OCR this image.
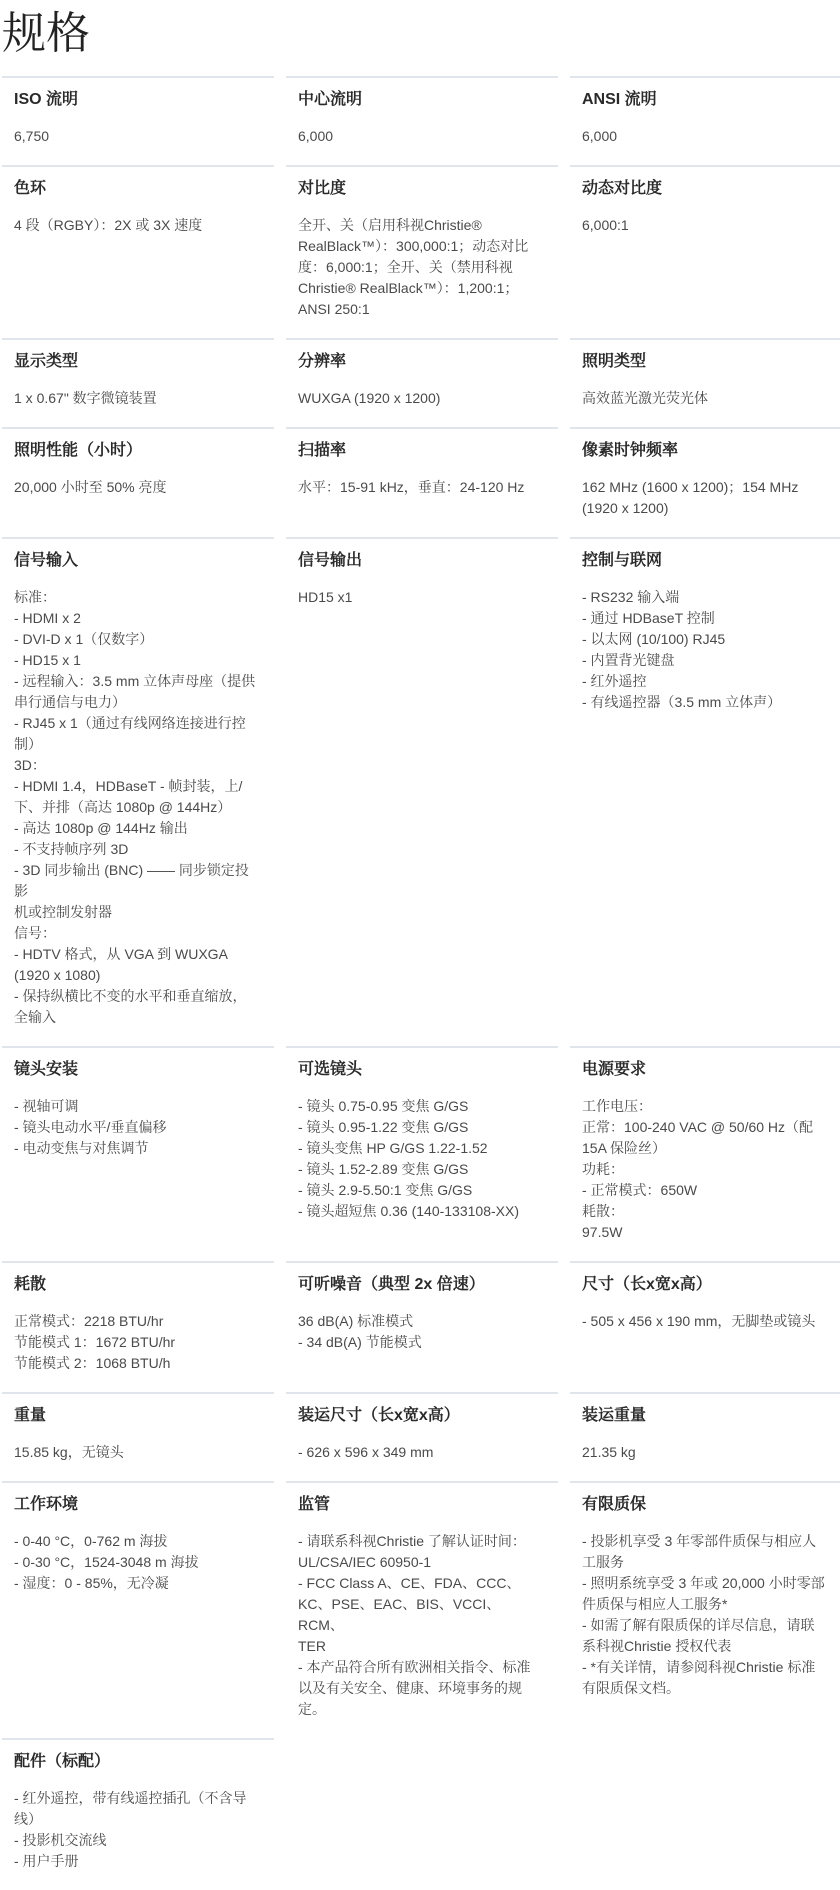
规格
ISO 流明
6,750
中心流明
6,000
ANSI 流明
6,000
色环
4 段（RGBY）：2X 或 3X 速度
对比度
全开、关（启用科视Christie®
RealBlack™）：300,000:1；动态对比
度：6,000:1；全开、关（禁用科视
Christie® RealBlack™）：1,200:1；
ANSI 250:1
动态对比度
6,000:1
显示类型
1 x 0.67" 数字微镜装置
分辨率
WUXGA (1920 x 1200)
照明类型
高效蓝光激光荧光体
照明性能（小时）
20,000 小时至 50% 亮度
扫描率
水平：15-91 kHz，垂直：24-120 Hz
像素时钟频率
162 MHz (1600 x 1200)；154 MHz
(1920 x 1200)
信号输入
标准：
- HDMI x 2
- DVI-D x 1（仅数字）
- HD15 x 1
- 远程输入：3.5 mm 立体声母座（提供
串行通信与电力）
- RJ45 x 1（通过有线网络连接进行控
制）
3D：
- HDMI 1.4，HDBaseT - 帧封装，上/
下、并排（高达 1080p @ 144Hz）
- 高达 1080p @ 144Hz 输出
- 不支持帧序列 3D
- 3D 同步输出 (BNC) —— 同步锁定投影
机或控制发射器
信号：
- HDTV 格式，从 VGA 到 WUXGA
(1920 x 1080)
- 保持纵横比不变的水平和垂直缩放，
全输入
信号输出
HD15 x1
控制与联网
- RS232 输入端
- 通过 HDBaseT 控制
- 以太网 (10/100) RJ45
- 内置背光键盘
- 红外遥控
- 有线遥控器（3.5 mm 立体声）
镜头安装
- 视轴可调
- 镜头电动水平/垂直偏移
- 电动变焦与对焦调节
可选镜头
- 镜头 0.75-0.95 变焦 G/GS
- 镜头 0.95-1.22 变焦 G/GS
- 镜头变焦 HP G/GS 1.22-1.52
- 镜头 1.52-2.89 变焦 G/GS
- 镜头 2.9-5.50:1 变焦 G/GS
- 镜头超短焦 0.36 (140-133108-XX)
电源要求
工作电压：
正常：100-240 VAC @ 50/60 Hz（配
15A 保险丝）
功耗：
- 正常模式：650W
耗散：
97.5W
耗散
正常模式：2218 BTU/hr
节能模式 1：1672 BTU/hr
节能模式 2：1068 BTU/h
可听噪音（典型 2x 倍速）
36 dB(A) 标准模式
- 34 dB(A) 节能模式
尺寸（长x宽x高）
- 505 x 456 x 190 mm，无脚垫或镜头
重量
15.85 kg，无镜头
装运尺寸（长x宽x高）
- 626 x 596 x 349 mm
装运重量
21.35 kg
工作环境
- 0-40 °C，0-762 m 海拔
- 0-30 °C，1524-3048 m 海拔
- 湿度：0 - 85%，无冷凝
监管
- 请联系科视Christie 了解认证时间：
UL/CSA/IEC 60950-1
- FCC Class A、CE、FDA、CCC、
KC、PSE、EAC、BIS、VCCI、RCM、
TER
- 本产品符合所有欧洲相关指令、标准
以及有关安全、健康、环境事务的规
定。
有限质保
- 投影机享受 3 年零部件质保与相应人
工服务
- 照明系统享受 3 年或 20,000 小时零部
件质保与相应人工服务*
- 如需了解有限质保的详尽信息，请联
系科视Christie 授权代表
- *有关详情，请参阅科视Christie 标准
有限质保文档。
配件（标配）
- 红外遥控，带有线遥控插孔（不含导
线）
- 投影机交流线
- 用户手册
